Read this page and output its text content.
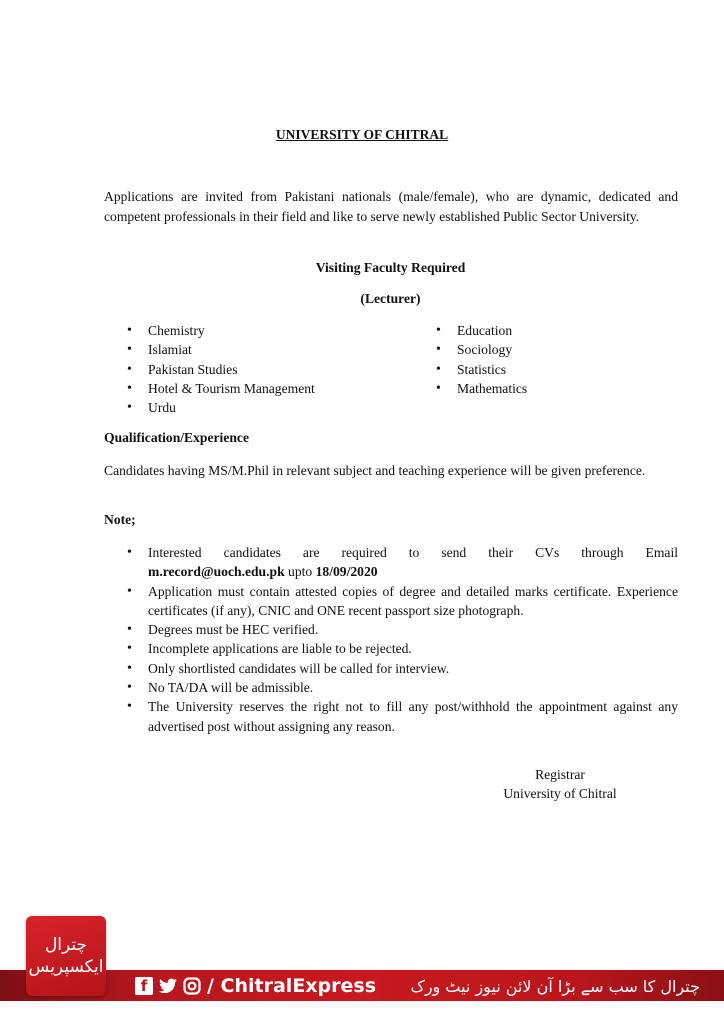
UNIVERSITY OF CHITRAL
Applications are invited from Pakistani nationals (male/female), who are dynamic, dedicated and competent professionals in their field and like to serve newly established Public Sector University.
Visiting Faculty Required
(Lecturer)
• Chemistry
• Islamiat
• Pakistan Studies
• Hotel & Tourism Management
• Urdu
• Education
• Sociology
• Statistics
• Mathematics
Qualification/Experience
Candidates having MS/M.Phil in relevant subject and teaching experience will be given preference.
Note;
• Interested candidates are required to send their CVs through Email
m.record@uoch.edu.pk upto 18/09/2020
• Application must contain attested copies of degree and detailed marks certificate. Experience certificates (if any), CNIC and ONE recent passport size photograph.
• Degrees must be HEC verified.
• Incomplete applications are liable to be rejected.
• Only shortlisted candidates will be called for interview.
• No TA/DA will be admissible.
• The University reserves the right not to fill any post/withhold the appointment against any advertised post without assigning any reason.
Registrar
University of Chitral
چترال
ایکسپریس
f	/ ChitralExpress چترال کا سب سے بڑا آن لائن نیوز نیٹ ورک
